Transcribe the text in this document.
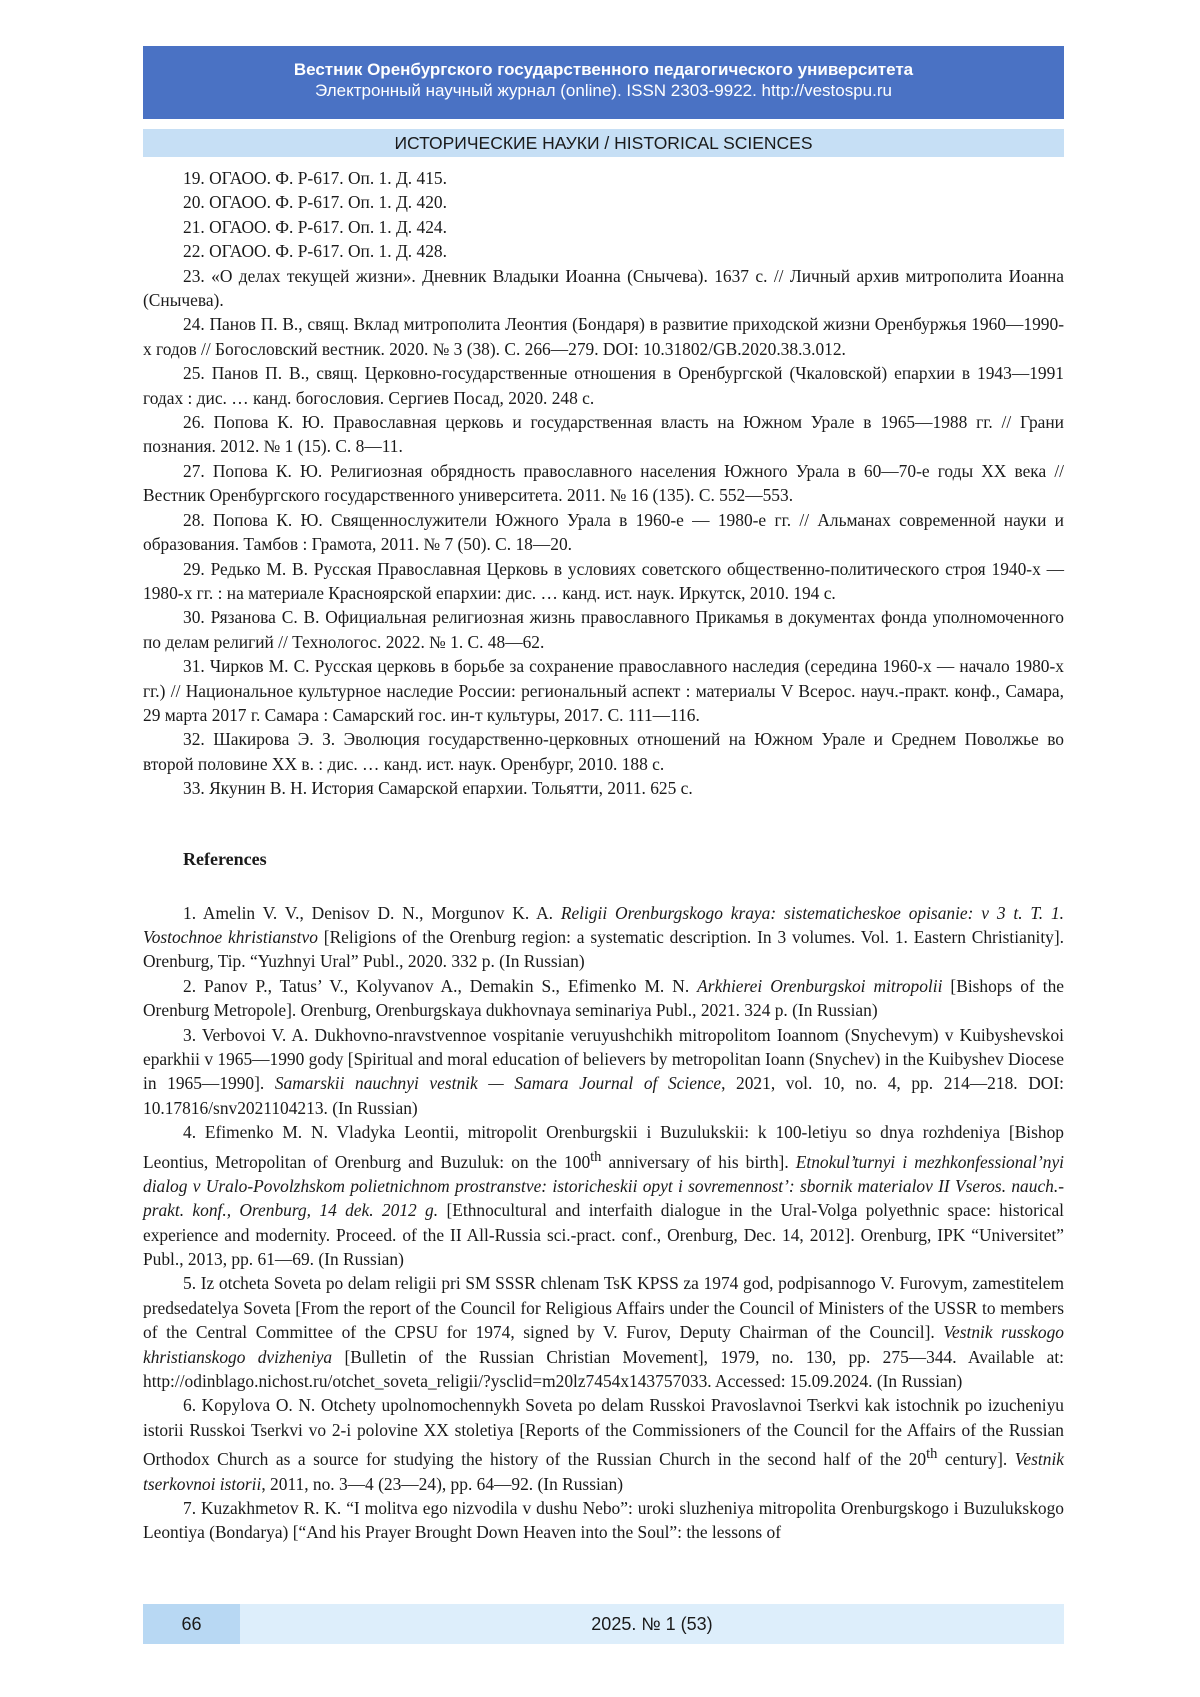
Вестник Оренбургского государственного педагогического университета
Электронный научный журнал (online). ISSN 2303-9922. http://vestospu.ru
ИСТОРИЧЕСКИЕ НАУКИ / HISTORICAL SCIENCES

19. ОГАОО. Ф. Р-617. Оп. 1. Д. 415.

20. ОГАОО. Ф. Р-617. Оп. 1. Д. 420.

21. ОГАОО. Ф. Р-617. Оп. 1. Д. 424.

22. ОГАОО. Ф. Р-617. Оп. 1. Д. 428.

23. «О делах текущей жизни». Дневник Владыки Иоанна (Снычева). 1637 с. // Личный архив митрополита Иоанна (Снычева).

24. Панов П. В., свящ. Вклад митрополита Леонтия (Бондаря) в развитие приходской жизни Оренбуржья 1960—1990-х годов // Богословский вестник. 2020. № 3 (38). С. 266—279. DOI: 10.31802/GB.2020.38.3.012.

25. Панов П. В., свящ. Церковно-государственные отношения в Оренбургской (Чкаловской) епархии в 1943—1991 годах : дис. … канд. богословия. Сергиев Посад, 2020. 248 с.

26. Попова К. Ю. Православная церковь и государственная власть на Южном Урале в 1965—1988 гг. // Грани познания. 2012. № 1 (15). С. 8—11.

27. Попова К. Ю. Религиозная обрядность православного населения Южного Урала в 60—70-е годы XX века // Вестник Оренбургского государственного университета. 2011. № 16 (135). С. 552—553.

28. Попова К. Ю. Священнослужители Южного Урала в 1960-е — 1980-е гг. // Альманах современной науки и образования. Тамбов : Грамота, 2011. № 7 (50). С. 18—20.

29. Редько М. В. Русская Православная Церковь в условиях советского общественно-политического строя 1940-х — 1980-х гг. : на материале Красноярской епархии: дис. … канд. ист. наук. Иркутск, 2010. 194 с.

30. Рязанова С. В. Официальная религиозная жизнь православного Прикамья в документах фонда уполномоченного по делам религий // Технологос. 2022. № 1. С. 48—62.

31. Чирков М. С. Русская церковь в борьбе за сохранение православного наследия (середина 1960-х — начало 1980-х гг.) // Национальное культурное наследие России: региональный аспект : материалы V Всерос. науч.-практ. конф., Самара, 29 марта 2017 г. Самара : Самарский гос. ин-т культуры, 2017. С. 111—116.

32. Шакирова Э. З. Эволюция государственно-церковных отношений на Южном Урале и Среднем Поволжье во второй половине XX в. : дис. … канд. ист. наук. Оренбург, 2010. 188 с.

33. Якунин В. Н. История Самарской епархии. Тольятти, 2011. 625 с.

References

1. Amelin V. V., Denisov D. N., Morgunov K. A. Religii Orenburgskogo kraya: sistematicheskoe opisanie: v 3 t. T. 1. Vostochnoe khristianstvo [Religions of the Orenburg region: a systematic description. In 3 volumes. Vol. 1. Eastern Christianity]. Orenburg, Tip. “Yuzhnyi Ural” Publ., 2020. 332 p. (In Russian)

2. Panov P., Tatus’ V., Kolyvanov A., Demakin S., Efimenko M. N. Arkhierei Orenburgskoi mitropolii [Bishops of the Orenburg Metropole]. Orenburg, Orenburgskaya dukhovnaya seminariya Publ., 2021. 324 p. (In Russian)

3. Verbovoi V. A. Dukhovno-nravstvennoe vospitanie veruyushchikh mitropolitom Ioannom (Snychevym) v Kuibyshevskoi eparkhii v 1965—1990 gody [Spiritual and moral education of believers by metropolitan Ioann (Snychev) in the Kuibyshev Diocese in 1965—1990]. Samarskii nauchnyi vestnik — Samara Journal of Science, 2021, vol. 10, no. 4, pp. 214—218. DOI: 10.17816/snv2021104213. (In Russian)

4. Efimenko M. N. Vladyka Leontii, mitropolit Orenburgskii i Buzulukskii: k 100-letiyu so dnya rozhdeniya [Bishop Leontius, Metropolitan of Orenburg and Buzuluk: on the 100th anniversary of his birth]. Etnokul’turnyi i mezhkonfessional’nyi dialog v Uralo-Povolzhskom polietnichnom prostranstve: istoricheskii opyt i sovremennost’: sbornik materialov II Vseros. nauch.-prakt. konf., Orenburg, 14 dek. 2012 g. [Ethnocultural and interfaith dialogue in the Ural-Volga polyethnic space: historical experience and modernity. Proceed. of the II All-Russia sci.-pract. conf., Orenburg, Dec. 14, 2012]. Orenburg, IPK “Universitet” Publ., 2013, pp. 61—69. (In Russian)

5. Iz otcheta Soveta po delam religii pri SM SSSR chlenam TsK KPSS za 1974 god, podpisannogo V. Furovym, zamestitelem predsedatelya Soveta [From the report of the Council for Religious Affairs under the Council of Ministers of the USSR to members of the Central Committee of the CPSU for 1974, signed by V. Furov, Deputy Chairman of the Council]. Vestnik russkogo khristianskogo dvizheniya [Bulletin of the Russian Christian Movement], 1979, no. 130, pp. 275—344. Available at: http://odinblago.nichost.ru/otchet_soveta_religii/?ysclid=m20lz7454x143757033. Accessed: 15.09.2024. (In Russian)

6. Kopylova O. N. Otchety upolnomochennykh Soveta po delam Russkoi Pravoslavnoi Tserkvi kak istochnik po izucheniyu istorii Russkoi Tserkvi vo 2-i polovine XX stoletiya [Reports of the Commissioners of the Council for the Affairs of the Russian Orthodox Church as a source for studying the history of the Russian Church in the second half of the 20th century]. Vestnik tserkovnoi istorii, 2011, no. 3—4 (23—24), pp. 64—92. (In Russian)

7. Kuzakhmetov R. K. “I molitva ego nizvodila v dushu Nebo”: uroki sluzheniya mitropolita Orenburgskogo i Buzulukskogo Leontiya (Bondarya) [“And his Prayer Brought Down Heaven into the Soul”: the lessons of

66	2025. № 1 (53)
